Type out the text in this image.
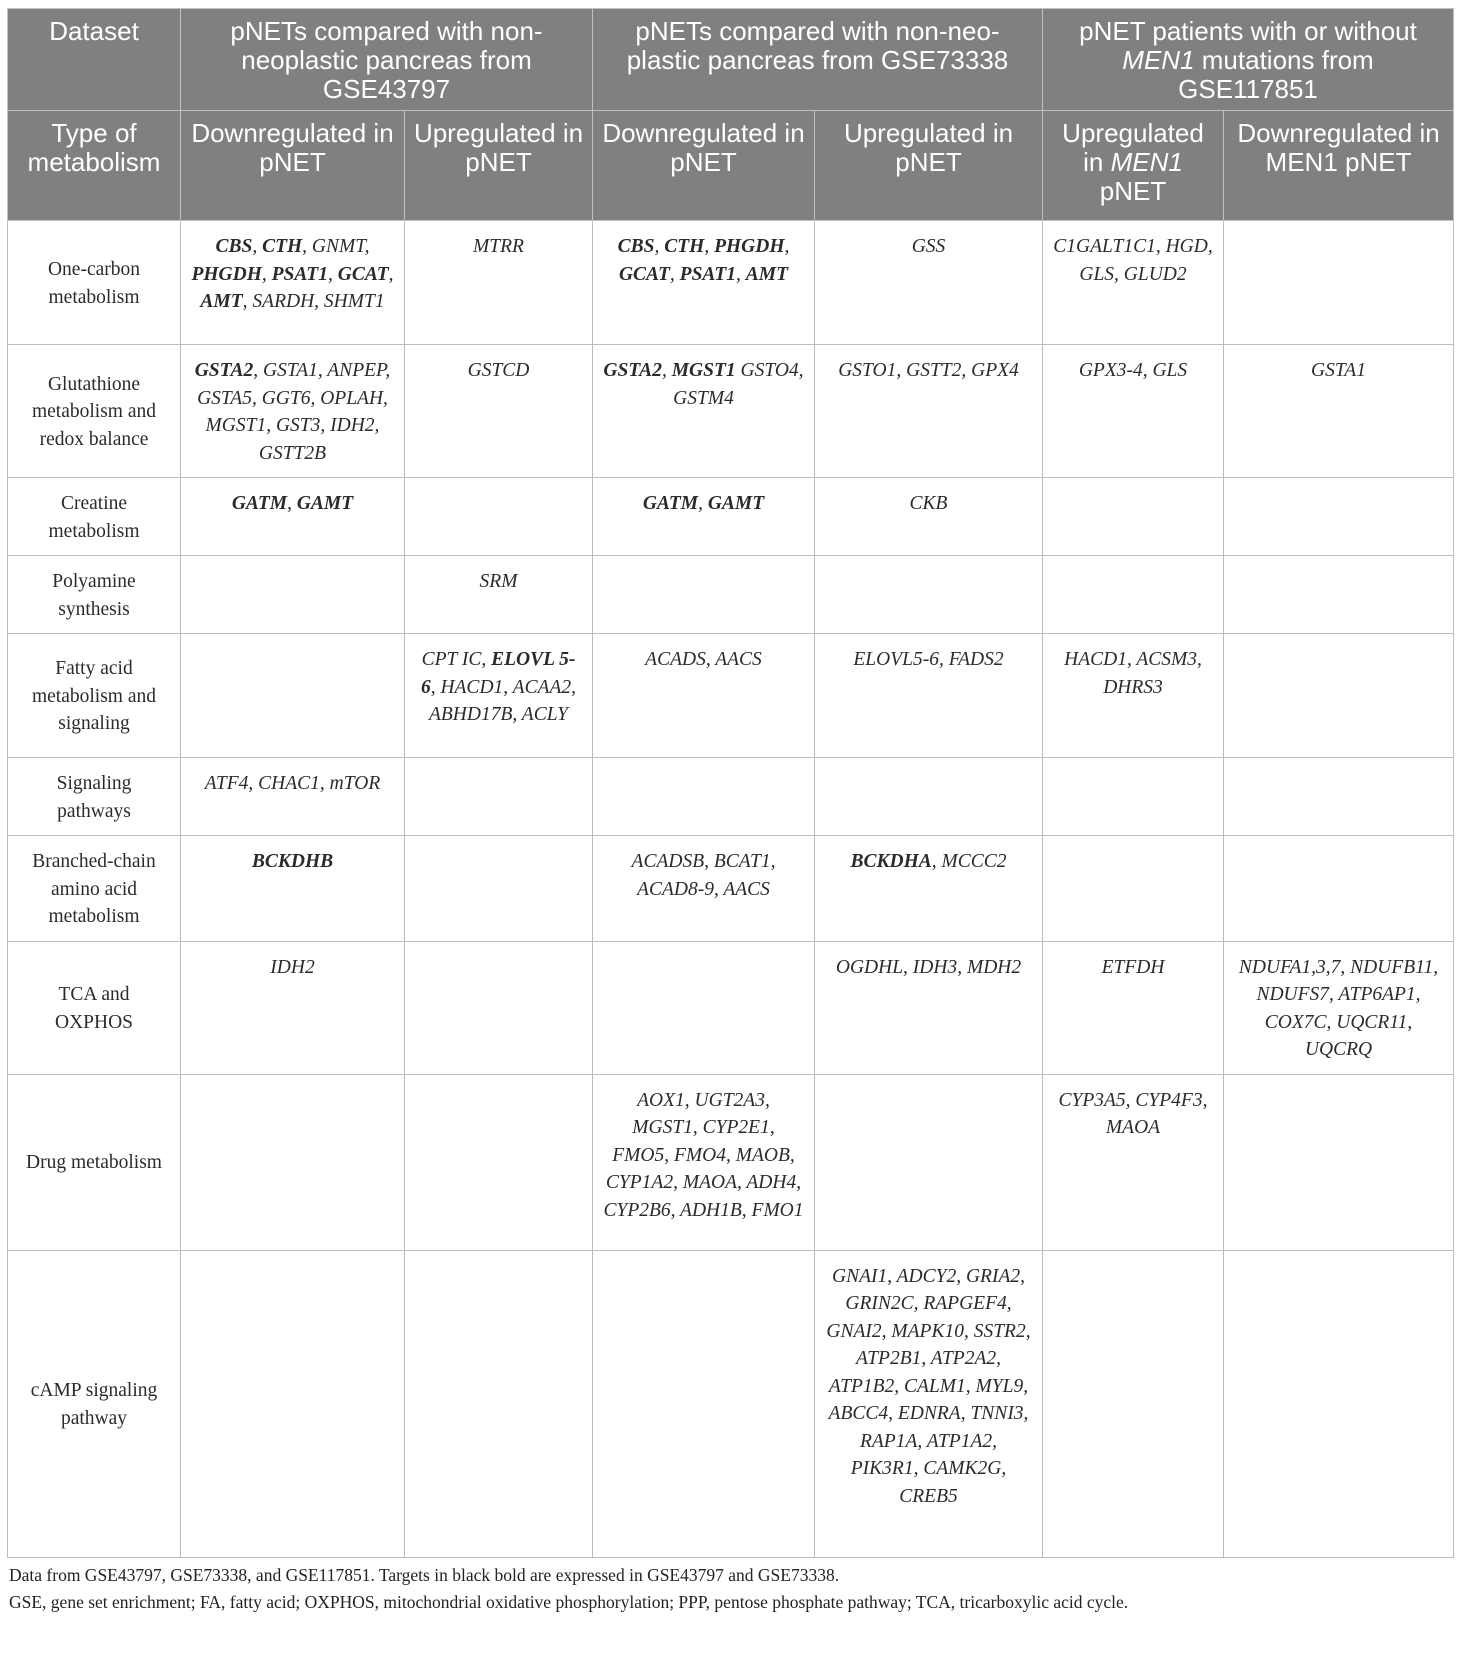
Dataset	pNETs compared with non-neoplastic pancreas from GSE43797		pNETs compared with non-neo-plastic pancreas from GSE73338		pNET patients with or without MEN1 mutations from GSE117851	
Type of metabolism	Downregulated in pNET	Upregulated in pNET	Downregulated in pNET	Upregulated in pNET	Upregulated in MEN1 pNET	Downregulated in MEN1 pNET
One-carbon metabolism	CBS, CTH, GNMT, PHGDH, PSAT1, GCAT, AMT, SARDH, SHMT1	MTRR	CBS, CTH, PHGDH, GCAT, PSAT1, AMT	GSS	C1GALT1C1, HGD, GLS, GLUD2	
Glutathione metabolism and redox balance	GSTA2, GSTA1, ANPEP, GSTA5, GGT6, OPLAH, MGST1, GST3, IDH2, GSTT2B	GSTCD	GSTA2, MGST1 GSTO4, GSTM4	GSTO1, GSTT2, GPX4	GPX3-4, GLS	GSTA1
Creatine metabolism	GATM, GAMT		GATM, GAMT	CKB		
Polyamine synthesis		SRM				
Fatty acid metabolism and signaling		CPT IC, ELOVL 5-6, HACD1, ACAA2, ABHD17B, ACLY	ACADS, AACS	ELOVL5-6, FADS2	HACD1, ACSM3, DHRS3	
Signaling pathways	ATF4, CHAC1, mTOR					
Branched-chain amino acid metabolism	BCKDHB		ACADSB, BCAT1, ACAD8-9, AACS	BCKDHA, MCCC2		
TCA and OXPHOS	IDH2			OGDHL, IDH3, MDH2	ETFDH	NDUFA1,3,7, NDUFB11, NDUFS7, ATP6AP1, COX7C, UQCR11, UQCRQ
Drug metabolism			AOX1, UGT2A3, MGST1, CYP2E1, FMO5, FMO4, MAOB, CYP1A2, MAOA, ADH4, CYP2B6, ADH1B, FMO1		CYP3A5, CYP4F3, MAOA	
cAMP signaling pathway				GNAI1, ADCY2, GRIA2, GRIN2C, RAPGEF4, GNAI2, MAPK10, SSTR2, ATP2B1, ATP2A2, ATP1B2, CALM1, MYL9, ABCC4, EDNRA, TNNI3, RAP1A, ATP1A2, PIK3R1, CAMK2G, CREB5		
Data from GSE43797, GSE73338, and GSE117851. Targets in black bold are expressed in GSE43797 and GSE73338.
GSE, gene set enrichment; FA, fatty acid; OXPHOS, mitochondrial oxidative phosphorylation; PPP, pentose phosphate pathway; TCA, tricarboxylic acid cycle.
